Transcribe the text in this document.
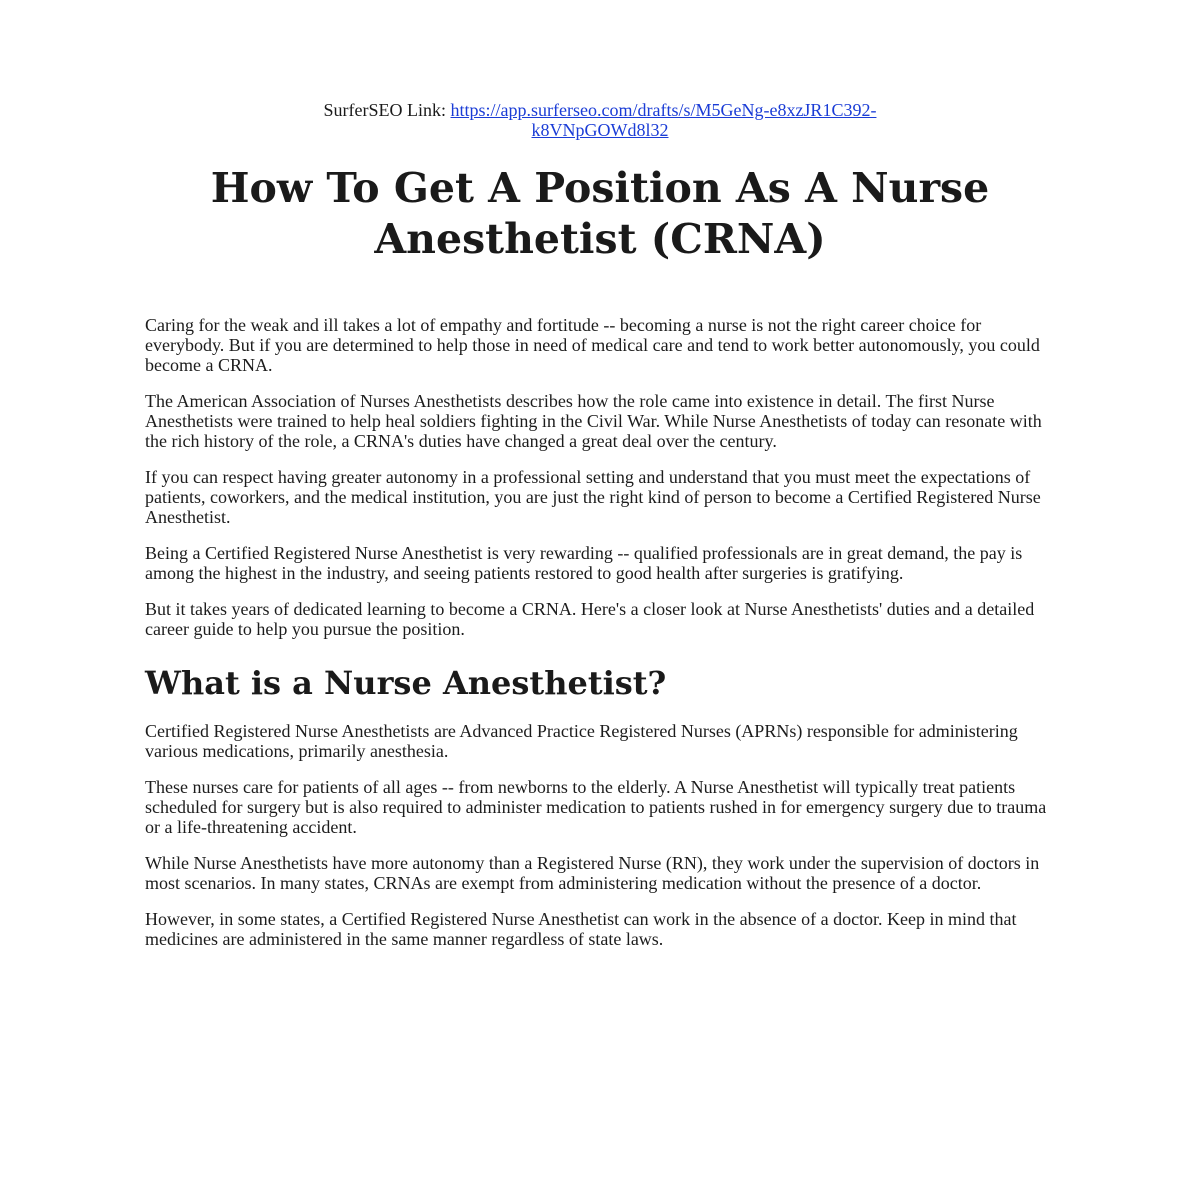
SurferSEO Link: https://app.surferseo.com/drafts/s/M5GeNg-e8xzJR1C392-
k8VNpGOWd8l32
How To Get A Position As A Nurse
Anesthetist (CRNA)

Caring for the weak and ill takes a lot of empathy and fortitude -- becoming a nurse is not the right career choice for everybody. But if you are determined to help those in need of medical care and tend to work better autonomously, you could become a CRNA.

The American Association of Nurses Anesthetists describes how the role came into existence in detail. The first Nurse Anesthetists were trained to help heal soldiers fighting in the Civil War. While Nurse Anesthetists of today can resonate with the rich history of the role, a CRNA's duties have changed a great deal over the century.

If you can respect having greater autonomy in a professional setting and understand that you must meet the expectations of patients, coworkers, and the medical institution, you are just the right kind of person to become a Certified Registered Nurse Anesthetist.

Being a Certified Registered Nurse Anesthetist is very rewarding -- qualified professionals are in great demand, the pay is among the highest in the industry, and seeing patients restored to good health after surgeries is gratifying.

But it takes years of dedicated learning to become a CRNA. Here's a closer look at Nurse Anesthetists' duties and a detailed career guide to help you pursue the position.

What is a Nurse Anesthetist?

Certified Registered Nurse Anesthetists are Advanced Practice Registered Nurses (APRNs) responsible for administering various medications, primarily anesthesia.

These nurses care for patients of all ages -- from newborns to the elderly. A Nurse Anesthetist will typically treat patients scheduled for surgery but is also required to administer medication to patients rushed in for emergency surgery due to trauma or a life-threatening accident.

While Nurse Anesthetists have more autonomy than a Registered Nurse (RN), they work under the supervision of doctors in most scenarios. In many states, CRNAs are exempt from administering medication without the presence of a doctor.

However, in some states, a Certified Registered Nurse Anesthetist can work in the absence of a doctor. Keep in mind that medicines are administered in the same manner regardless of state laws.
